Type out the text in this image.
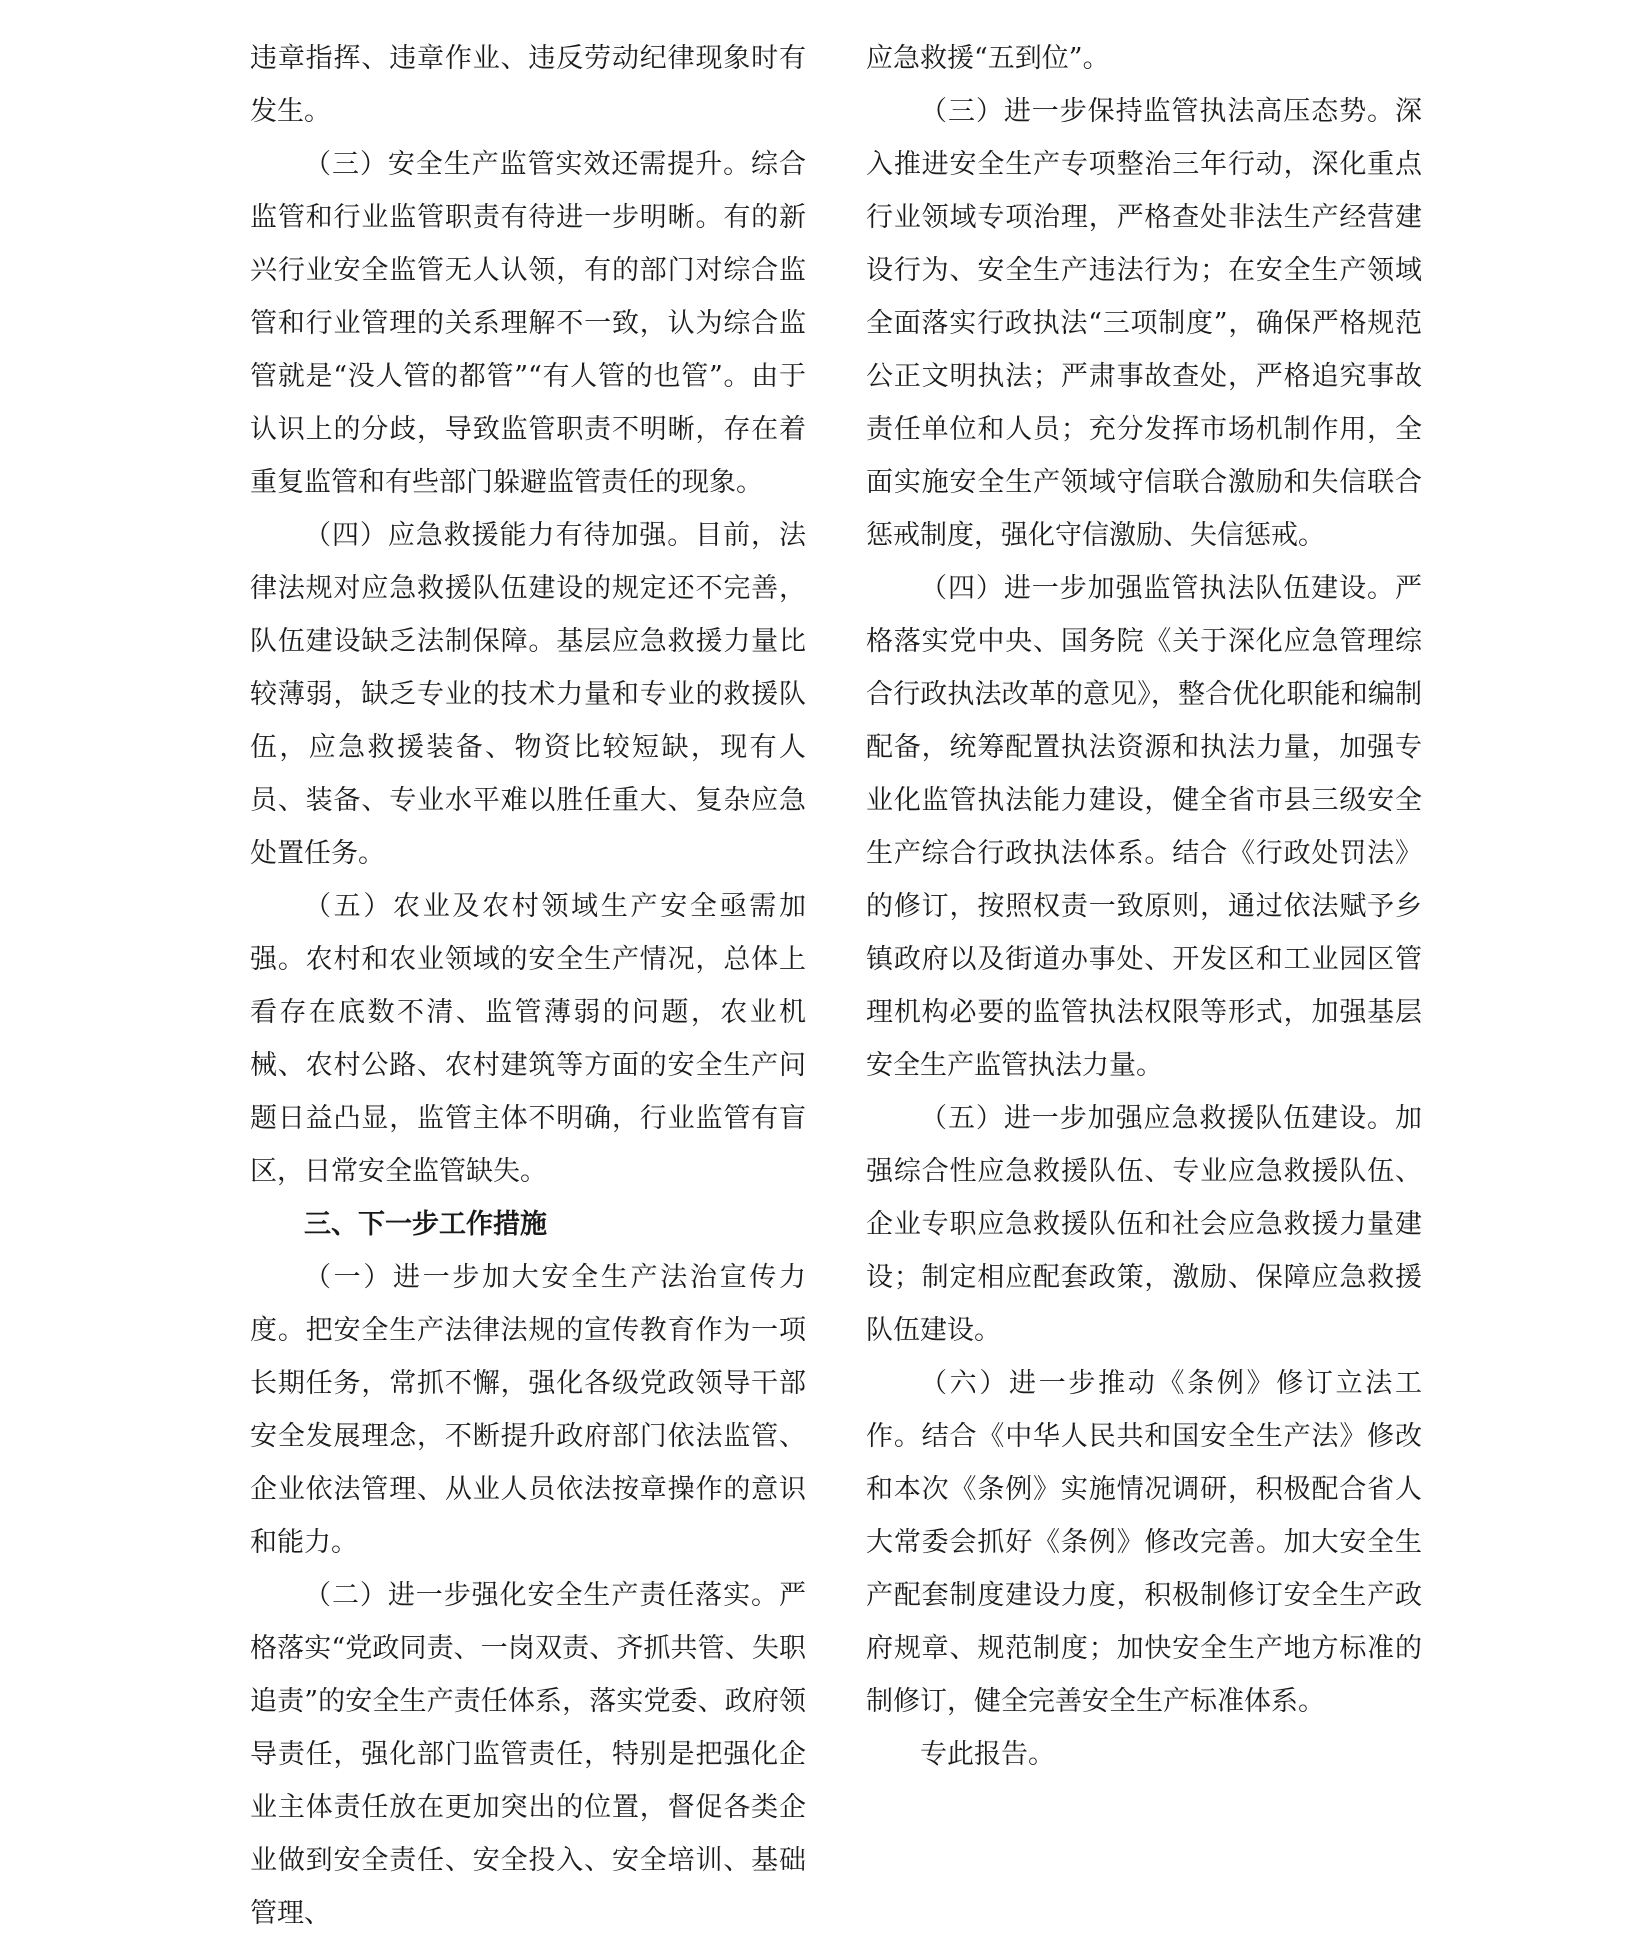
违章指挥、违章作业、违反劳动纪律现象时有发生。

（三）安全生产监管实效还需提升。综合监管和行业监管职责有待进一步明晰。有的新兴行业安全监管无人认领，有的部门对综合监管和行业管理的关系理解不一致，认为综合监管就是“没人管的都管”“有人管的也管”。由于认识上的分歧，导致监管职责不明晰，存在着重复监管和有些部门躲避监管责任的现象。

（四）应急救援能力有待加强。目前，法律法规对应急救援队伍建设的规定还不完善，队伍建设缺乏法制保障。基层应急救援力量比较薄弱，缺乏专业的技术力量和专业的救援队伍，应急救援装备、物资比较短缺，现有人员、装备、专业水平难以胜任重大、复杂应急处置任务。

（五）农业及农村领域生产安全亟需加强。农村和农业领域的安全生产情况，总体上看存在底数不清、监管薄弱的问题，农业机械、农村公路、农村建筑等方面的安全生产问题日益凸显，监管主体不明确，行业监管有盲区，日常安全监管缺失。

三、下一步工作措施

（一）进一步加大安全生产法治宣传力度。把安全生产法律法规的宣传教育作为一项长期任务，常抓不懈，强化各级党政领导干部安全发展理念，不断提升政府部门依法监管、企业依法管理、从业人员依法按章操作的意识和能力。

（二）进一步强化安全生产责任落实。严格落实“党政同责、一岗双责、齐抓共管、失职追责”的安全生产责任体系，落实党委、政府领导责任，强化部门监管责任，特别是把强化企业主体责任放在更加突出的位置，督促各类企业做到安全责任、安全投入、安全培训、基础管理、

应急救援“五到位”。

（三）进一步保持监管执法高压态势。深入推进安全生产专项整治三年行动，深化重点行业领域专项治理，严格查处非法生产经营建设行为、安全生产违法行为；在安全生产领域全面落实行政执法“三项制度”，确保严格规范公正文明执法；严肃事故查处，严格追究事故责任单位和人员；充分发挥市场机制作用，全面实施安全生产领域守信联合激励和失信联合惩戒制度，强化守信激励、失信惩戒。

（四）进一步加强监管执法队伍建设。严格落实党中央、国务院《关于深化应急管理综合行政执法改革的意见》，整合优化职能和编制配备，统筹配置执法资源和执法力量，加强专业化监管执法能力建设，健全省市县三级安全生产综合行政执法体系。结合《行政处罚法》的修订，按照权责一致原则，通过依法赋予乡镇政府以及街道办事处、开发区和工业园区管理机构必要的监管执法权限等形式，加强基层安全生产监管执法力量。

（五）进一步加强应急救援队伍建设。加强综合性应急救援队伍、专业应急救援队伍、企业专职应急救援队伍和社会应急救援力量建设；制定相应配套政策，激励、保障应急救援队伍建设。

（六）进一步推动《条例》修订立法工作。结合《中华人民共和国安全生产法》修改和本次《条例》实施情况调研，积极配合省人大常委会抓好《条例》修改完善。加大安全生产配套制度建设力度，积极制修订安全生产政府规章、规范制度；加快安全生产地方标准的制修订，健全完善安全生产标准体系。

专此报告。
